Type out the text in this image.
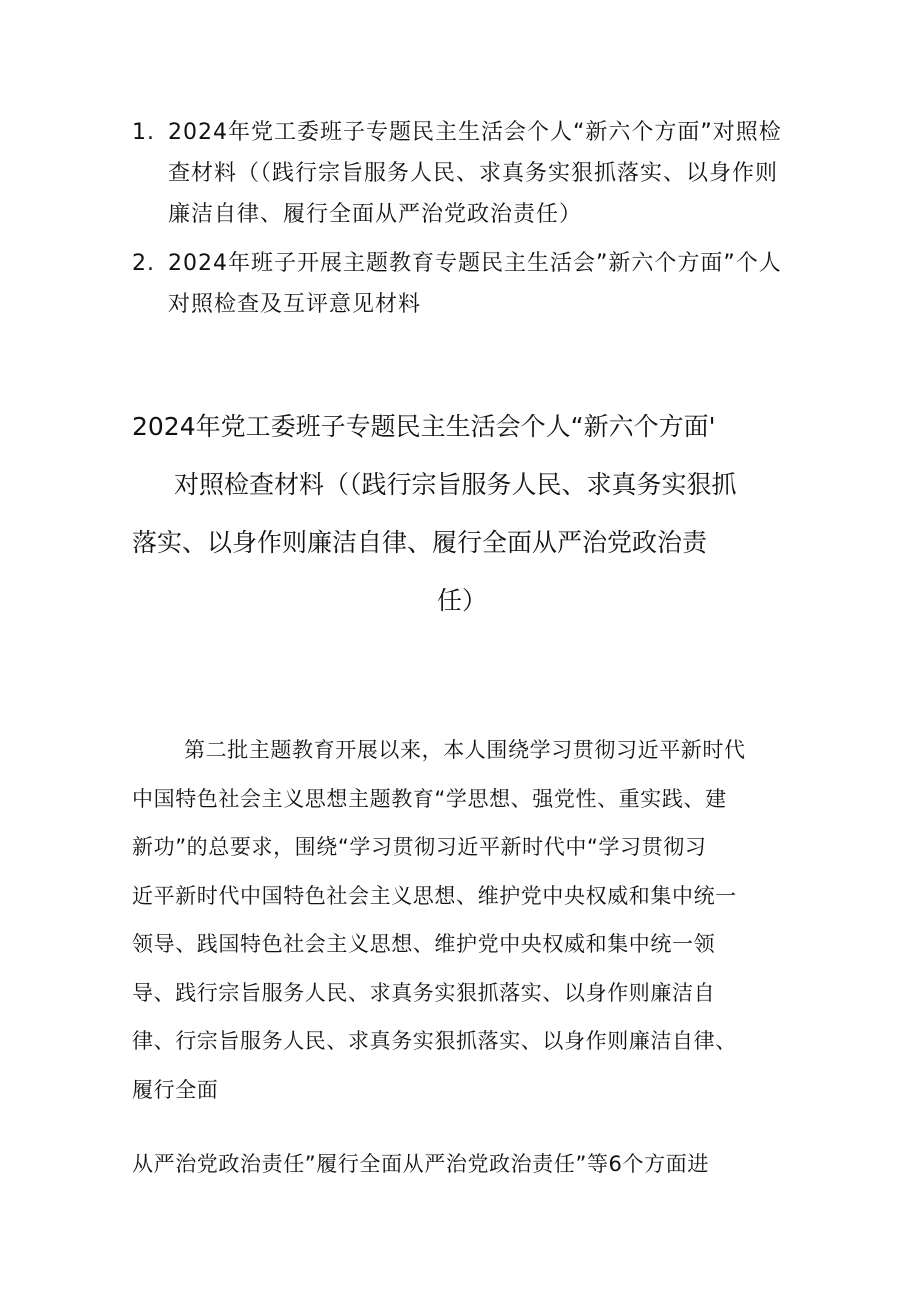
1. 2024年党工委班子专题民主生活会个人“新六个方面”对照检查材料（（践行宗旨服务人民、求真务实狠抓落实、以身作则廉洁自律、履行全面从严治党政治责任）
2. 2024年班子开展主题教育专题民主生活会”新六个方面”个人对照检查及互评意见材料
2024年党工委班子专题民主生活会个人“新六个方面'
对照检查材料（（践行宗旨服务人民、求真务实狠抓
落实、以身作则廉洁自律、履行全面从严治党政治责
任）
第二批主题教育开展以来，本人围绕学习贯彻习近平新时代
中国特色社会主义思想主题教育“学思想、强党性、重实践、建
新功”的总要求，围绕“学习贯彻习近平新时代中“学习贯彻习
近平新时代中国特色社会主义思想、维护党中央权威和集中统一
领导、践国特色社会主义思想、维护党中央权威和集中统一领
导、践行宗旨服务人民、求真务实狠抓落实、以身作则廉洁自
律、行宗旨服务人民、求真务实狠抓落实、以身作则廉洁自律、
履行全面
从严治党政治责任”履行全面从严治党政治责任”等6个方面进
